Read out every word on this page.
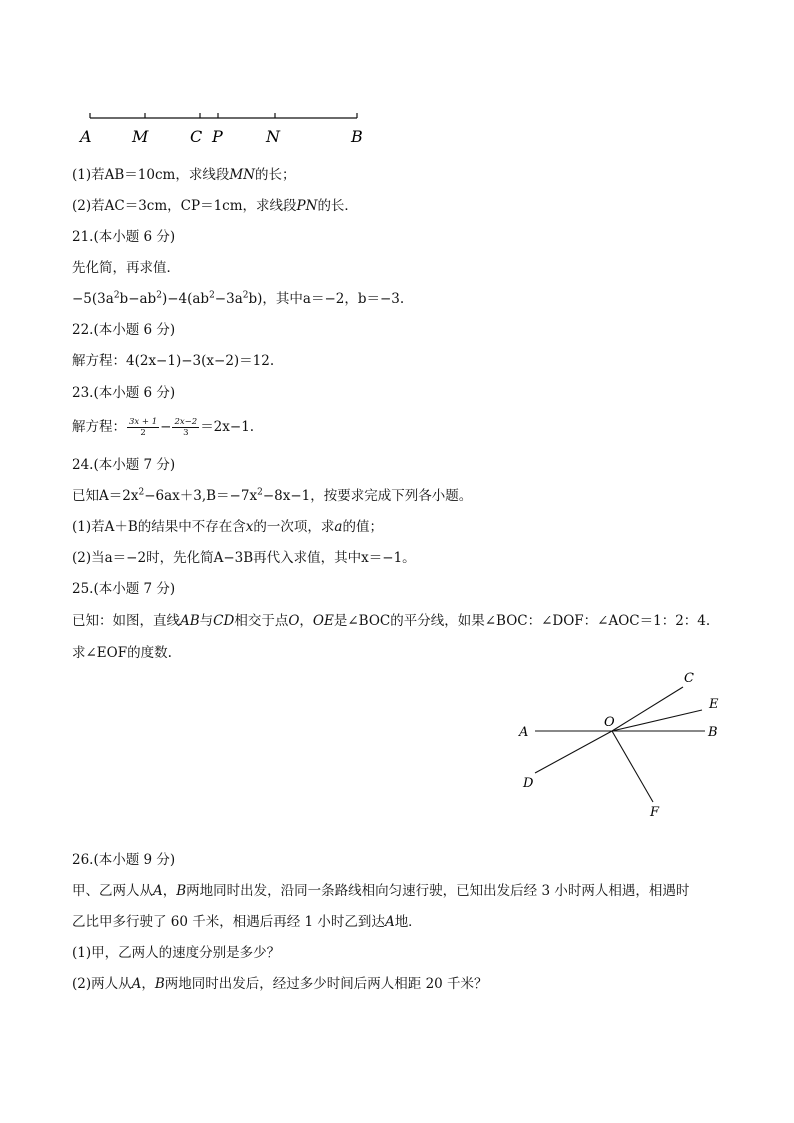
A	M	C P	N	B
(1)若AB＝10cm，求线段MN的长；
(2)若AC＝3cm，CP＝1cm，求线段PN的长．
21.(本小题 6 分)
先化简，再求值．
$-5(3a^2b-ab^2)-4(ab^2-3a^2b)$，其中a＝−2，b＝−3.
22.(本小题 6 分)
解方程：4(2x−1)−3(x−2)＝12.
23.(本小题 6 分)
解方程： $\frac{3x + 1}{2} - \frac{2x-2}{3} =2x-1$.
24.(本小题 7 分)
已知$A=2x^2-6ax+3,B=-7x^2-8x-1$，按要求完成下列各小题。
(1)若A＋B的结果中不存在含x的一次项，求a的值；
(2)当a＝−2时，先化简A−3B再代入求值，其中x＝−1。
25.(本小题 7 分)
已知：如图，直线AB与CD相交于点O，OE是∠BOC的平分线，如果∠BOC：∠DOF：∠AOC＝1：2：4.
求∠EOF的度数.
A
O
B
C
E
D
F
26.(本小题 9 分)
甲、乙两人从A，B两地同时出发，沿同一条路线相向匀速行驶，已知出发后经 3 小时两人相遇，相遇时
乙比甲多行驶了 60 千米，相遇后再经 1 小时乙到达A地．
(1)甲，乙两人的速度分别是多少？
(2)两人从A，B两地同时出发后，经过多少时间后两人相距 20 千米？
